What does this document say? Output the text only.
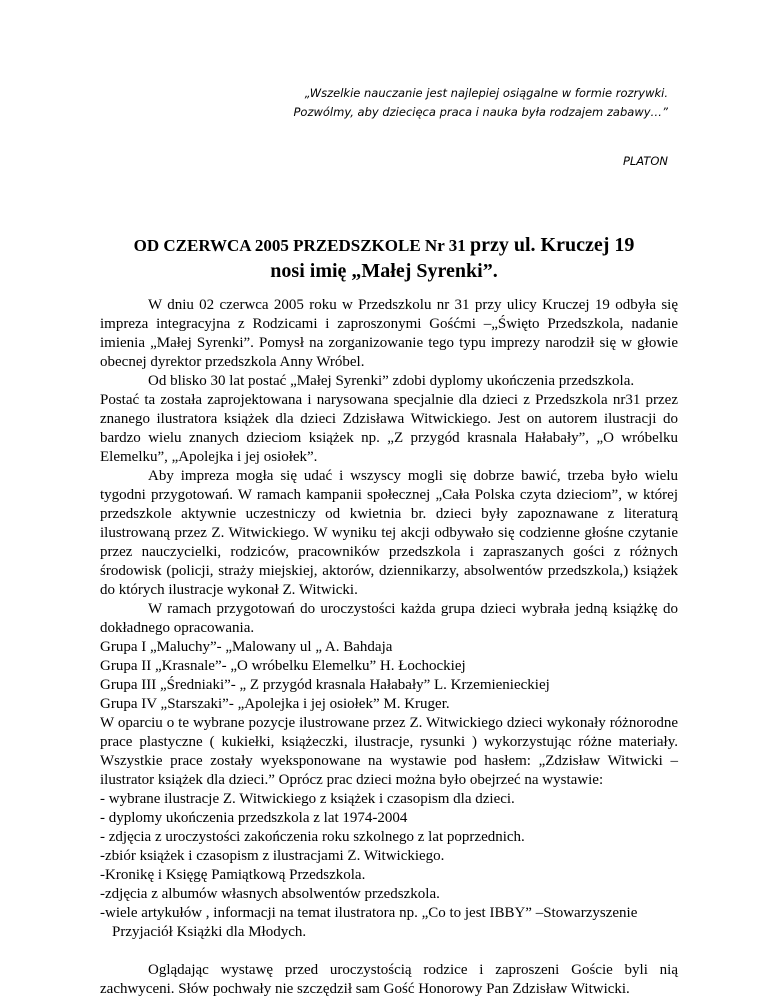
„Wszelkie nauczanie jest najlepiej osiągalne w formie rozrywki.
Pozwólmy, aby dziecięca praca i nauka była rodzajem zabawy…”
PLATON
OD CZERWCA 2005 PRZEDSZKOLE Nr 31 przy ul. Kruczej 19
nosi imię „Małej Syrenki”.

W dniu 02 czerwca 2005 roku w Przedszkolu nr 31 przy ulicy Kruczej 19 odbyła się impreza integracyjna z Rodzicami i zaproszonymi Gośćmi –„Święto Przedszkola, nadanie imienia „Małej Syrenki”. Pomysł na zorganizowanie tego typu imprezy narodził się w głowie obecnej dyrektor przedszkola Anny Wróbel.

Od blisko 30 lat postać „Małej Syrenki” zdobi dyplomy ukończenia przedszkola.

Postać ta została zaprojektowana i narysowana specjalnie dla dzieci z Przedszkola nr31 przez znanego ilustratora książek dla dzieci Zdzisława Witwickiego. Jest on autorem ilustracji do bardzo wielu znanych dzieciom książek np. „Z przygód krasnala Hałabały”, „O wróbelku Elemelku”, „Apolejka i jej osiołek”.

Aby impreza mogła się udać i wszyscy mogli się dobrze bawić, trzeba było wielu tygodni przygotowań. W ramach kampanii społecznej „Cała Polska czyta dzieciom”, w której przedszkole aktywnie uczestniczy od kwietnia br. dzieci były zapoznawane z literaturą ilustrowaną przez Z. Witwickiego. W wyniku tej akcji odbywało się codzienne głośne czytanie przez nauczycielki, rodziców, pracowników przedszkola i zapraszanych gości z różnych środowisk (policji, straży miejskiej, aktorów, dziennikarzy, absolwentów przedszkola,) książek do których ilustracje wykonał Z. Witwicki.

W ramach przygotowań do uroczystości każda grupa dzieci wybrała jedną książkę do dokładnego opracowania.

Grupa I „Maluchy”- „Malowany ul „ A. Bahdaja

Grupa II „Krasnale”- „O wróbelku Elemelku” H. Łochockiej

Grupa III „Średniaki”- „ Z przygód krasnala Hałabały” L. Krzemienieckiej

Grupa IV „Starszaki”- „Apolejka i jej osiołek” M. Kruger.

W oparciu o te wybrane pozycje ilustrowane przez Z. Witwickiego dzieci wykonały różnorodne prace plastyczne ( kukiełki, książeczki, ilustracje, rysunki ) wykorzystując różne materiały. Wszystkie prace zostały wyeksponowane na wystawie pod hasłem: „Zdzisław Witwicki – ilustrator książek dla dzieci.” Oprócz prac dzieci można było obejrzeć na wystawie:

- wybrane ilustracje Z. Witwickiego z książek i czasopism dla dzieci.

- dyplomy ukończenia przedszkola z lat 1974-2004

- zdjęcia z uroczystości zakończenia roku szkolnego z lat poprzednich.

-zbiór książek i czasopism z ilustracjami Z. Witwickiego.

-Kronikę i Księgę Pamiątkową Przedszkola.

-zdjęcia z albumów własnych absolwentów przedszkola.

-wiele artykułów , informacji na temat ilustratora np. „Co to jest IBBY” –Stowarzyszenie

Przyjaciół Książki dla Młodych.

Oglądając wystawę przed uroczystością rodzice i zaproszeni Goście byli nią zachwyceni. Słów pochwały nie szczędził sam Gość Honorowy Pan Zdzisław Witwicki.
